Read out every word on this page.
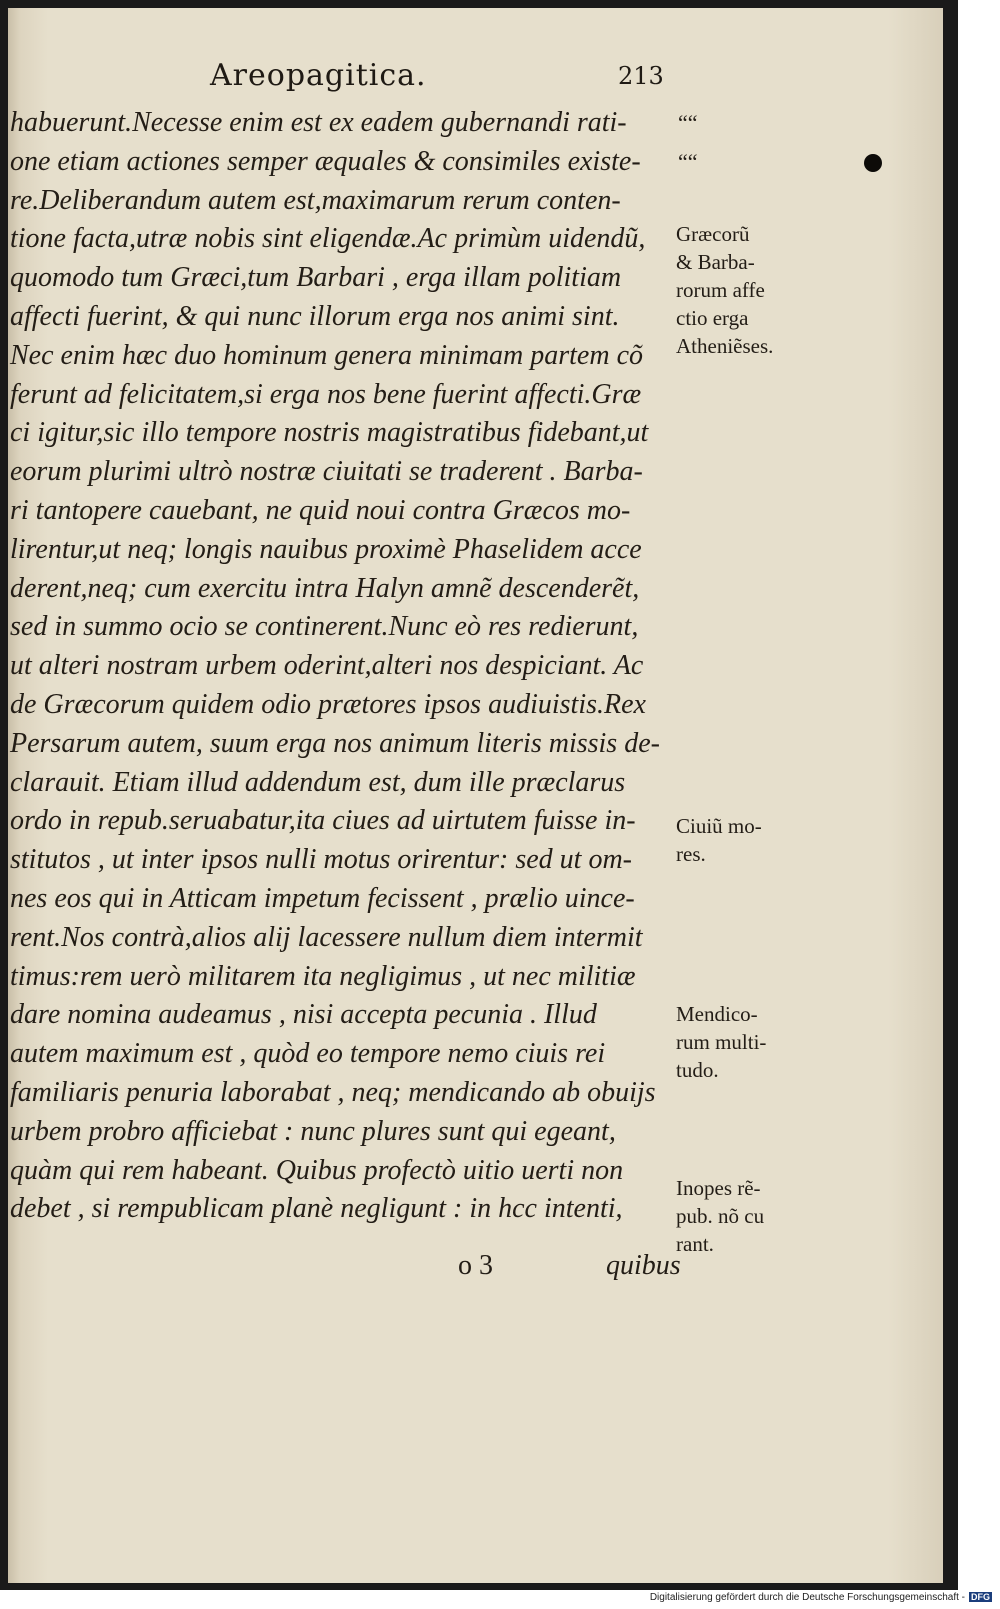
Areopagitica.	213
habuerunt.Necesse enim est ex eadem gubernandi rati-
one etiam actiones semper æquales & consimiles existe-
re.Deliberandum autem est,maximarum rerum conten-
tione facta,utræ nobis sint eligendæ.Ac primùm uidendũ,
quomodo tum Græci,tum Barbari , erga illam politiam
affecti fuerint, & qui nunc illorum erga nos animi sint.
Nec enim hæc duo hominum genera minimam partem cõ
ferunt ad felicitatem,si erga nos bene fuerint affecti.Græ
ci igitur,sic illo tempore nostris magistratibus fidebant,ut
eorum plurimi ultrò nostræ ciuitati se traderent . Barba-
ri tantopere cauebant, ne quid noui contra Græcos mo-
lirentur,ut neq; longis nauibus proximè Phaselidem acce
derent,neq; cum exercitu intra Halyn amnẽ descenderẽt,
sed in summo ocio se continerent.Nunc eò res redierunt,
ut alteri nostram urbem oderint,alteri nos despiciant. Ac
de Græcorum quidem odio prætores ipsos audiuistis.Rex
Persarum autem, suum erga nos animum literis missis de-
clarauit. Etiam illud addendum est, dum ille præclarus
ordo in repub.seruabatur,ita ciues ad uirtutem fuisse in-
stitutos , ut inter ipsos nulli motus orirentur: sed ut om-
nes eos qui in Atticam impetum fecissent , prælio uince-
rent.Nos contrà,alios alij lacessere nullum diem intermit
timus:rem uerò militarem ita negligimus , ut nec militiæ
dare nomina audeamus , nisi accepta pecunia . Illud
autem maximum est , quòd eo tempore nemo ciuis rei
familiaris penuria laborabat , neq; mendicando ab obuijs
urbem probro afficiebat : nunc plures sunt qui egeant,
quàm qui rem habeant. Quibus profectò uitio uerti non
debet , si rempublicam planè negligunt : in hcc intenti,
““
““
Græcorũ
& Barba-
rorum affe
ctio erga
Atheniẽses.
Ciuiũ mo-
res.
Mendico-
rum multi-
tudo.
Inopes rẽ-
pub. nõ cu
rant.
o 3	quibus
Digitalisierung gefördert durch die Deutsche Forschungsgemeinschaft - DFG
